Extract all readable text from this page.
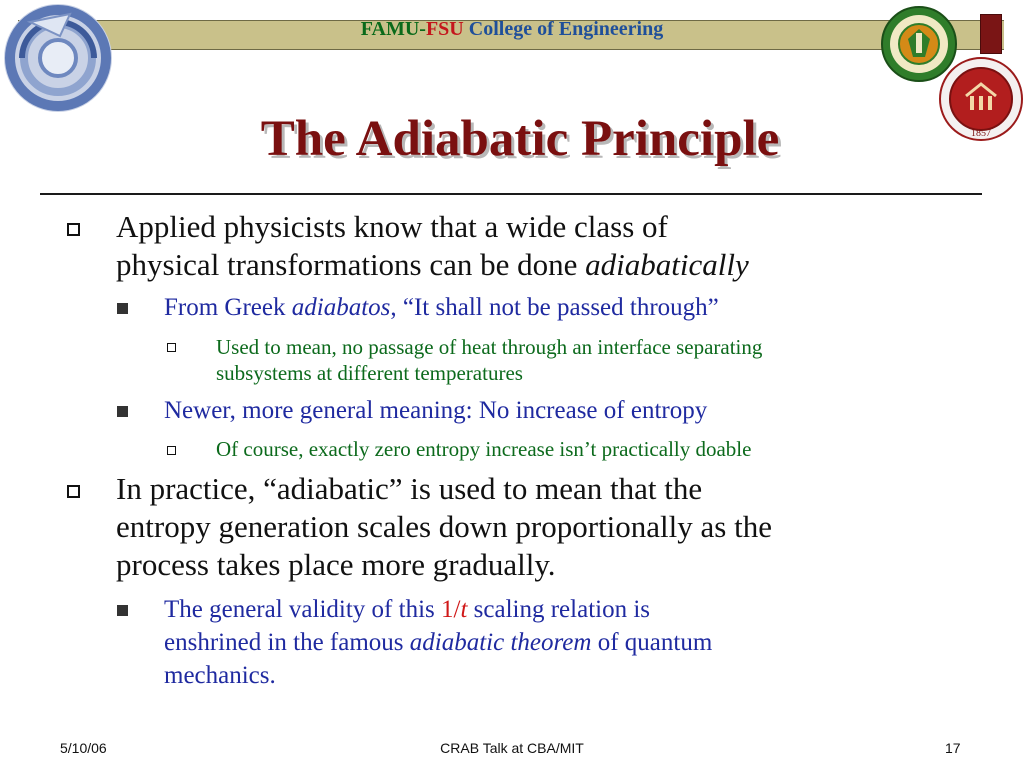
FAMU-FSU College of Engineering
1857
The Adiabatic Principle
Applied physicists know that a wide class of
physical transformations can be done adiabatically
From Greek adiabatos, “It shall not be passed through”
Used to mean, no passage of heat through an interface separating
subsystems at different temperatures
Newer, more general meaning: No increase of entropy
Of course, exactly zero entropy increase isn’t practically doable
In practice, “adiabatic” is used to mean that the
entropy generation scales down proportionally as the
process takes place more gradually.
The general validity of this 1/t scaling relation is
enshrined in the famous adiabatic theorem of quantum
mechanics.
5/10/06	CRAB Talk at CBA/MIT	17
